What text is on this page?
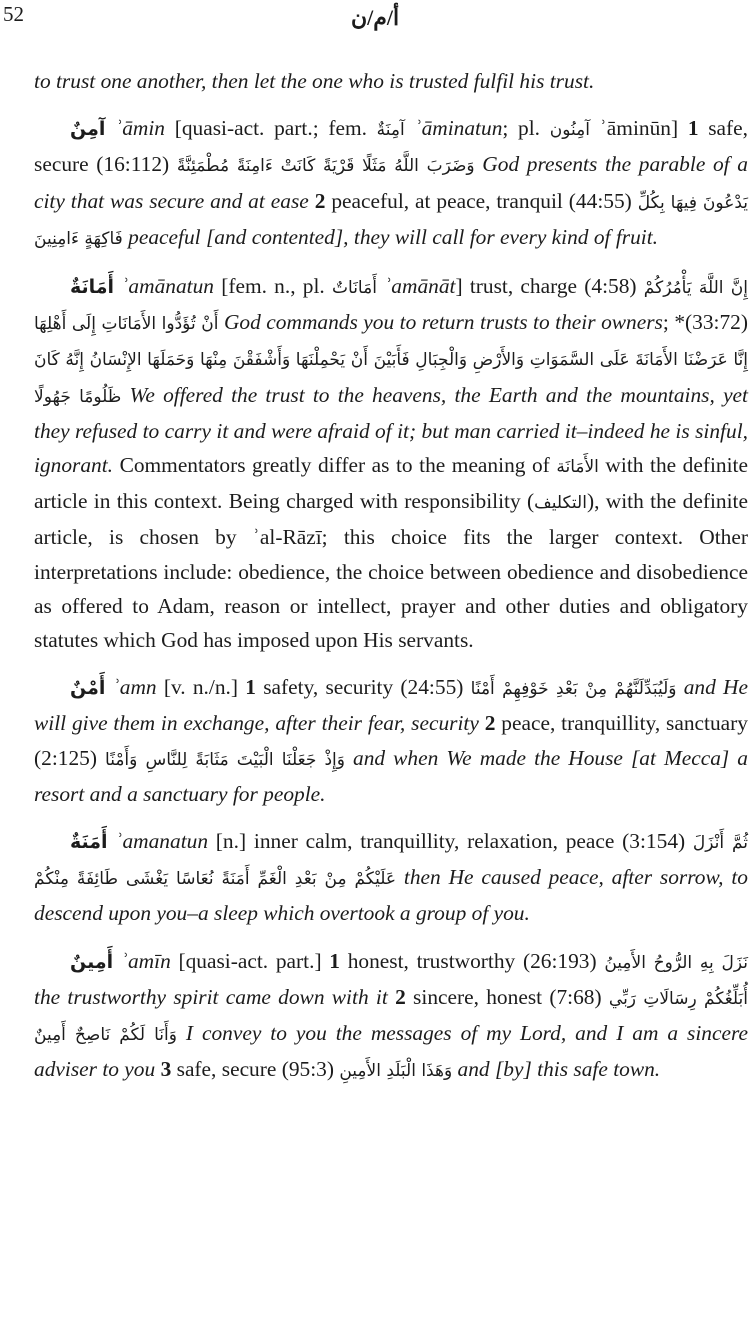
52	أ/م/ن

to trust one another, then let the one who is trusted fulfil his trust.

آمِنٌ ʾāmin [quasi-act. part.; fem. آمِنَةٌ ʾāminatun; pl. آمِنُون ʾāminūn] 1 safe, secure (16:112) وَضَرَبَ اللَّهُ مَثَلًا قَرْيَةً كَانَتْ ءَامِنَةً مُطْمَئِنَّةً God presents the parable of a city that was secure and at ease 2 peaceful, at peace, tranquil (44:55) يَدْعُونَ فِيهَا بِكُلِّ فَاكِهَةٍ ءَامِنِينَ peaceful [and contented], they will call for every kind of fruit.

أَمَانَةٌ ʾamānatun [fem. n., pl. أَمَانَاتٌ ʾamānāt] trust, charge (4:58) إِنَّ اللَّهَ يَأْمُرُكُمْ أَنْ تُؤَدُّوا الأَمَانَاتِ إِلَى أَهْلِهَا God commands you to return trusts to their owners; *(33:72) إِنَّا عَرَضْنَا الأَمَانَةَ عَلَى السَّمَوَاتِ وَالأَرْضِ وَالْجِبَالِ فَأَبَيْنَ أَنْ يَحْمِلْنَهَا وَأَشْفَقْنَ مِنْهَا وَحَمَلَهَا الإِنْسَانُ إِنَّهُ كَانَ ظَلُومًا جَهُولًا We offered the trust to the heavens, the Earth and the mountains, yet they refused to carry it and were afraid of it; but man carried it–indeed he is sinful, ignorant. Commentators greatly differ as to the meaning of الأَمَانَة with the definite article in this context. Being charged with responsibility (التكليف), with the definite article, is chosen by ʾal-Rāzī; this choice fits the larger context. Other interpretations include: obedience, the choice between obedience and disobedience as offered to Adam, reason or intellect, prayer and other duties and obligatory statutes which God has imposed upon His servants.

أَمْنٌ ʾamn [v. n./n.] 1 safety, security (24:55) وَلَيُبَدِّلَنَّهُمْ مِنْ بَعْدِ خَوْفِهِمْ أَمْنًا and He will give them in exchange, after their fear, security 2 peace, tranquillity, sanctuary (2:125) وَإِذْ جَعَلْنَا الْبَيْتَ مَثَابَةً لِلنَّاسِ وَأَمْنًا and when We made the House [at Mecca] a resort and a sanctuary for people.

أَمَنَةٌ ʾamanatun [n.] inner calm, tranquillity, relaxation, peace (3:154) ثُمَّ أَنْزَلَ عَلَيْكُمْ مِنْ بَعْدِ الْغَمِّ أَمَنَةً نُعَاسًا يَغْشَى طَائِفَةً مِنْكُمْ then He caused peace, after sorrow, to descend upon you–a sleep which overtook a group of you.

أَمِينٌ ʾamīn [quasi-act. part.] 1 honest, trustworthy (26:193) نَزَلَ بِهِ الرُّوحُ الأَمِينُ the trustworthy spirit came down with it 2 sincere, honest (7:68) أُبَلِّغُكُمْ رِسَالَاتِ رَبِّي وَأَنَا لَكُمْ نَاصِحٌ أَمِينٌ I convey to you the messages of my Lord, and I am a sincere adviser to you 3 safe, secure (95:3) وَهَذَا الْبَلَدِ الأَمِينِ and [by] this safe town.
